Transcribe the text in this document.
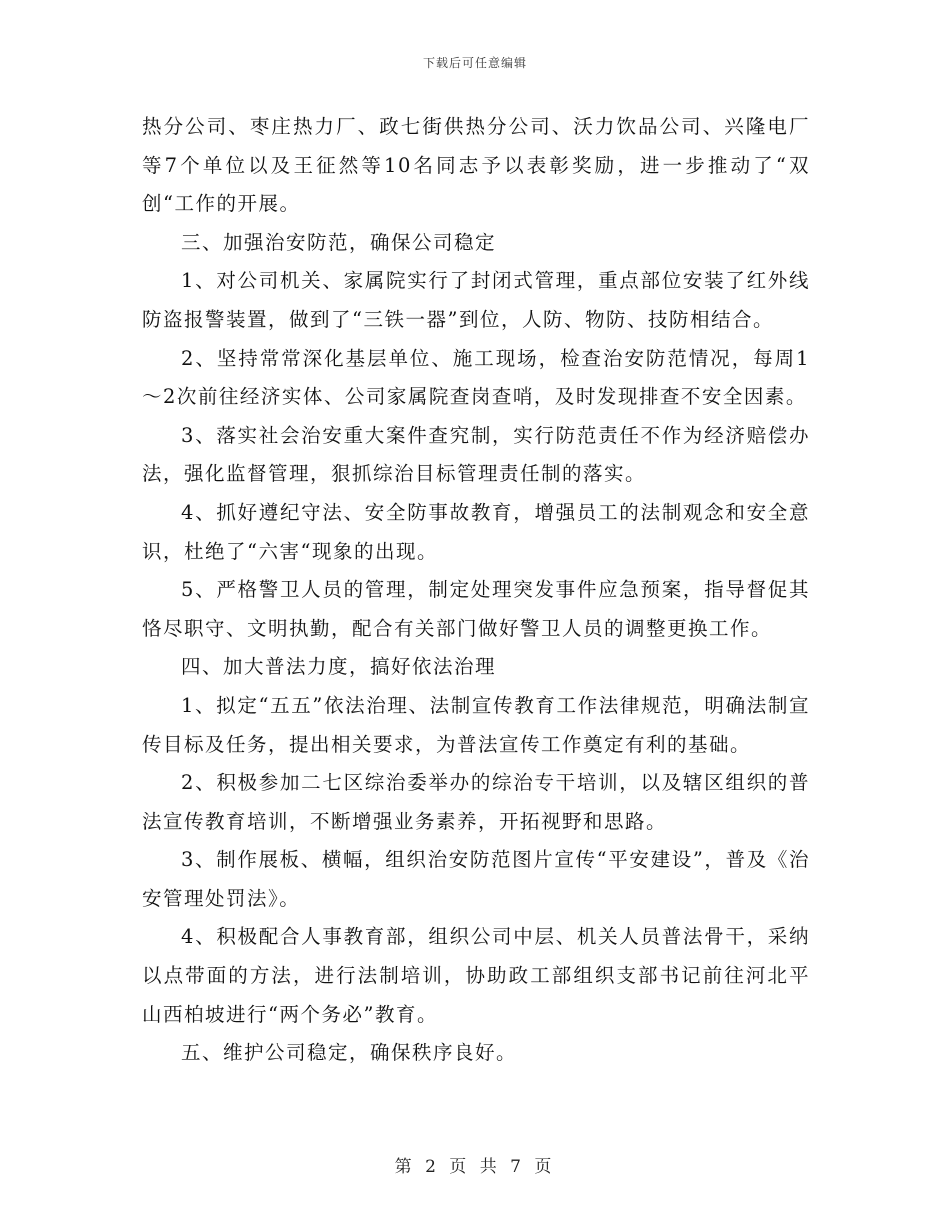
下载后可任意编辑

热分公司、枣庄热力厂、政七街供热分公司、沃力饮品公司、兴隆电厂等7个单位以及王征然等10名同志予以表彰奖励，进一步推动了“双创“工作的开展。

三、加强治安防范，确保公司稳定

1、对公司机关、家属院实行了封闭式管理，重点部位安装了红外线防盗报警装置，做到了“三铁一器”到位，人防、物防、技防相结合。

2、坚持常常深化基层单位、施工现场，检查治安防范情况，每周1～2次前往经济实体、公司家属院查岗查哨，及时发现排查不安全因素。

3、落实社会治安重大案件查究制，实行防范责任不作为经济赔偿办法，强化监督管理，狠抓综治目标管理责任制的落实。

4、抓好遵纪守法、安全防事故教育，增强员工的法制观念和安全意识，杜绝了“六害“现象的出现。

5、严格警卫人员的管理，制定处理突发事件应急预案，指导督促其恪尽职守、文明执勤，配合有关部门做好警卫人员的调整更换工作。

四、加大普法力度，搞好依法治理

1、拟定“五五”依法治理、法制宣传教育工作法律规范，明确法制宣传目标及任务，提出相关要求，为普法宣传工作奠定有利的基础。

2、积极参加二七区综治委举办的综治专干培训，以及辖区组织的普法宣传教育培训，不断增强业务素养，开拓视野和思路。

3、制作展板、横幅，组织治安防范图片宣传“平安建设”，普及《治安管理处罚法》。

4、积极配合人事教育部，组织公司中层、机关人员普法骨干，采纳以点带面的方法，进行法制培训，协助政工部组织支部书记前往河北平山西柏坡进行“两个务必”教育。

五、维护公司稳定，确保秩序良好。

第 2 页 共 7 页
